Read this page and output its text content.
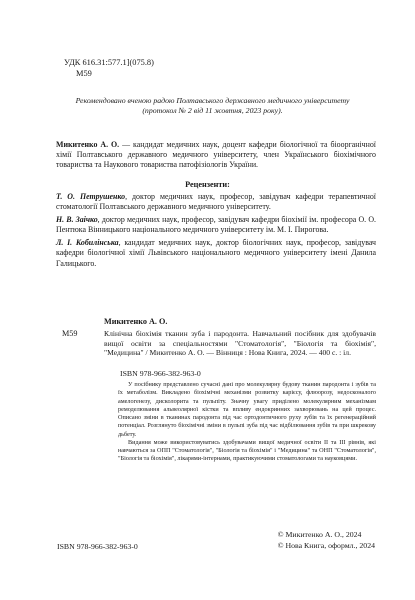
УДК 616.31:577.1](075.8)
М59
Рекомендовано вченою радою Полтавського державного медичного університету
(протокол № 2 від 11 жовтня, 2023 року).
Микитенко А. О. — кандидат медичних наук, доцент кафедри біологічної та біоорганічної хімії Полтавського державного медичного університету, член Українського біохімічного товариства та Наукового товариства патофізіологів України.
Рецензенти:
Т. О. Петрушенко, доктор медичних наук, професор, завідувач кафедри терапевтичної стоматології Полтавського державного медичного університету.
Н. В. Заічко, доктор медичних наук, професор, завідувач кафедри біохімії ім. професора О. О. Пентюка Вінницького національного медичного університету ім. М. І. Пирогова.
Л. І. Кобилінська, кандидат медичних наук, доктор біологічних наук, професор, завідувач кафедри біологічної хімії Львівського національного медичного університету імені Данила Галицького.
Микитенко А. О.
М59	Клінічна біохімія тканин зуба і пародонта. Навчальний посібник для здобувачів вищої освіти за спеціальностями "Стоматологія", "Біологія та біохімія", "Медицина" / Микитенко А. О. — Вінниця : Нова Книга, 2024. — 400 с. : іл.
ISBN 978-966-382-963-0

У посібнику представлено сучасні дані про молекулярну будову тканин пародонта і зубів та їх метаболізм. Викладено біохімічні механізми розвитку карієсу, флюорозу, недосконалого амелогенезу, дисколорита та пульпіту. Значну увагу приділено молекулярним механізмам ремоделювання альвеолярної кістки та впливу ендокринних захворювань на цей процес. Описано зміни в тканинах пародонта під час ортодонтичного руху зубів та їх регенераційний потенціал. Розглянуто біохімічні зміни в пульпі зуба під час відбілювання зубів та при шкрекову дьбету.

Видання може використовуватись здобувачами вищої медичної освіти ІІ та ІІІ рівнів, які навчаються за ОПП "Стоматологія", "Біологія та біохімія" і "Медицина" та ОНП "Стоматологія", "Біологія та біохімія", лікарями-інтернами, практикуючими стоматологами та науковцями.

© Микитенко А. О., 2024
© Нова Книга, оформл., 2024
ISBN 978-966-382-963-0
